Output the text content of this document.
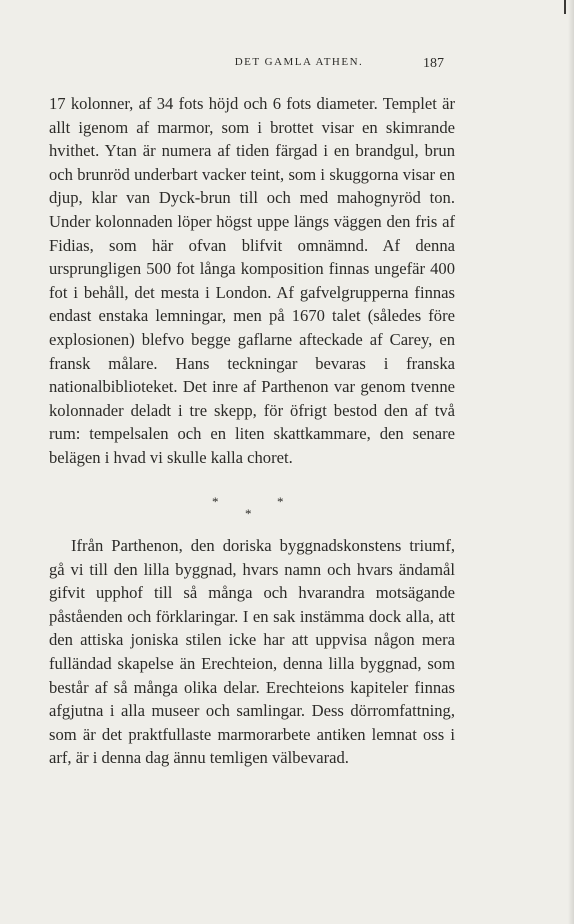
DET GAMLA ATHEN.	187

17 kolonner, af 34 fots höjd och 6 fots diameter. Templet är allt igenom af marmor, som i brottet visar en skimrande hvithet. Ytan är numera af tiden färgad i en brandgul, brun och brunröd underbart vacker teint, som i skuggorna visar en djup, klar van Dyck-brun till och med mahognyröd ton. Under kolonnaden löper högst uppe längs väggen den fris af Fidias, som här ofvan blifvit omnämnd. Af denna ursprungligen 500 fot långa komposition finnas ungefär 400 fot i behåll, det mesta i London. Af gafvelgrupperna finnas endast enstaka lemningar, men på 1670 talet (således före explosionen) blefvo begge gaflarne afteckade af Carey, en fransk målare. Hans teckningar bevaras i franska nationalbiblioteket. Det inre af Parthenon var genom tvenne kolonnader deladt i tre skepp, för öfrigt bestod den af två rum: tempelsalen och en liten skattkammare, den senare belägen i hvad vi skulle kalla choret.

*	*
*

Ifrån Parthenon, den doriska byggnadskonstens triumf, gå vi till den lilla byggnad, hvars namn och hvars ändamål gifvit upphof till så många och hvarandra motsägande påståenden och förklaringar. I en sak instämma dock alla, att den attiska joniska stilen icke har att uppvisa någon mera fulländad skapelse än Erechteion, denna lilla byggnad, som består af så många olika delar. Erechteions kapiteler finnas afgjutna i alla museer och samlingar. Dess dörromfattning, som är det praktfullaste marmorarbete antiken lemnat oss i arf, är i denna dag ännu temligen välbevarad.
